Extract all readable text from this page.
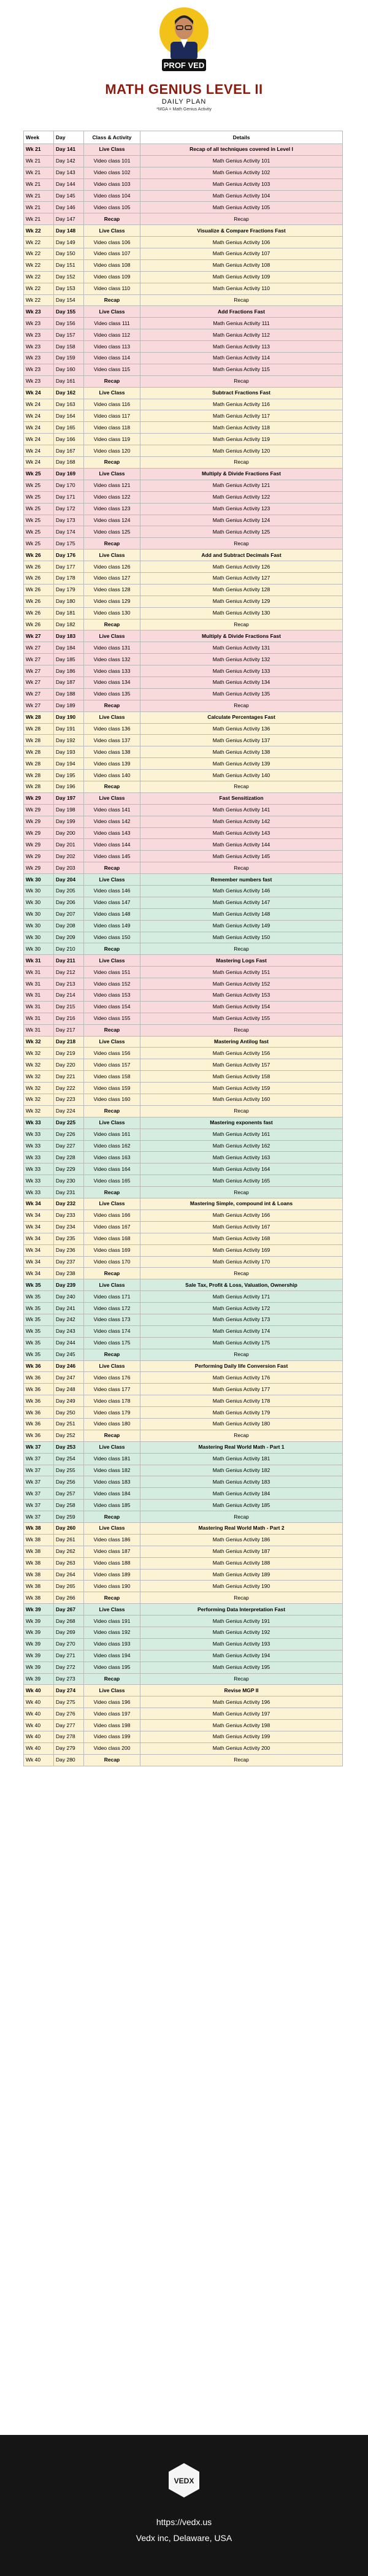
PROF VED
MATH GENIUS LEVEL II
DAILY PLAN
*MGA = Math Genius Activity
Week	Day	Class & Activity	Details
Wk 21	Day 141	Live Class	Recap of all techniques covered in Level I
Wk 21	Day 142	Video class 101	Math Genius Activity 101
Wk 21	Day 143	Video class 102	Math Genius Activity 102
Wk 21	Day 144	Video class 103	Math Genius Activity 103
Wk 21	Day 145	Video class 104	Math Genius Activity 104
Wk 21	Day 146	Video class 105	Math Genius Activity 105
Wk 21	Day 147	Recap	Recap
Wk 22	Day 148	Live Class	Visualize & Compare Fractions Fast
Wk 22	Day 149	Video class 106	Math Genius Activity 106
Wk 22	Day 150	Video class 107	Math Genius Activity 107
Wk 22	Day 151	Video class 108	Math Genius Activity 108
Wk 22	Day 152	Video class 109	Math Genius Activity 109
Wk 22	Day 153	Video class 110	Math Genius Activity 110
Wk 22	Day 154	Recap	Recap
Wk 23	Day 155	Live Class	Add Fractions Fast
Wk 23	Day 156	Video class 111	Math Genius Activity 111
Wk 23	Day 157	Video class 112	Math Genius Activity 112
Wk 23	Day 158	Video class 113	Math Genius Activity 113
Wk 23	Day 159	Video class 114	Math Genius Activity 114
Wk 23	Day 160	Video class 115	Math Genius Activity 115
Wk 23	Day 161	Recap	Recap
Wk 24	Day 162	Live Class	Subtract Fractions Fast
Wk 24	Day 163	Video class 116	Math Genius Activity 116
Wk 24	Day 164	Video class 117	Math Genius Activity 117
Wk 24	Day 165	Video class 118	Math Genius Activity 118
Wk 24	Day 166	Video class 119	Math Genius Activity 119
Wk 24	Day 167	Video class 120	Math Genius Activity 120
Wk 24	Day 168	Recap	Recap
Wk 25	Day 169	Live Class	Multiply & Divide Fractions Fast
Wk 25	Day 170	Video class 121	Math Genius Activity 121
Wk 25	Day 171	Video class 122	Math Genius Activity 122
Wk 25	Day 172	Video class 123	Math Genius Activity 123
Wk 25	Day 173	Video class 124	Math Genius Activity 124
Wk 25	Day 174	Video class 125	Math Genius Activity 125
Wk 25	Day 175	Recap	Recap
Wk 26	Day 176	Live Class	Add and Subtract Decimals Fast
Wk 26	Day 177	Video class 126	Math Genius Activity 126
Wk 26	Day 178	Video class 127	Math Genius Activity 127
Wk 26	Day 179	Video class 128	Math Genius Activity 128
Wk 26	Day 180	Video class 129	Math Genius Activity 129
Wk 26	Day 181	Video class 130	Math Genius Activity 130
Wk 26	Day 182	Recap	Recap
Wk 27	Day 183	Live Class	Multiply & Divide Fractions Fast
Wk 27	Day 184	Video class 131	Math Genius Activity 131
Wk 27	Day 185	Video class 132	Math Genius Activity 132
Wk 27	Day 186	Video class 133	Math Genius Activity 133
Wk 27	Day 187	Video class 134	Math Genius Activity 134
Wk 27	Day 188	Video class 135	Math Genius Activity 135
Wk 27	Day 189	Recap	Recap
Wk 28	Day 190	Live Class	Calculate Percentages Fast
Wk 28	Day 191	Video class 136	Math Genius Activity 136
Wk 28	Day 192	Video class 137	Math Genius Activity 137
Wk 28	Day 193	Video class 138	Math Genius Activity 138
Wk 28	Day 194	Video class 139	Math Genius Activity 139
Wk 28	Day 195	Video class 140	Math Genius Activity 140
Wk 28	Day 196	Recap	Recap
Wk 29	Day 197	Live Class	Fast Sensitization
Wk 29	Day 198	Video class 141	Math Genius Activity 141
Wk 29	Day 199	Video class 142	Math Genius Activity 142
Wk 29	Day 200	Video class 143	Math Genius Activity 143
Wk 29	Day 201	Video class 144	Math Genius Activity 144
Wk 29	Day 202	Video class 145	Math Genius Activity 145
Wk 29	Day 203	Recap	Recap
Wk 30	Day 204	Live Class	Remember numbers fast
Wk 30	Day 205	Video class 146	Math Genius Activity 146
Wk 30	Day 206	Video class 147	Math Genius Activity 147
Wk 30	Day 207	Video class 148	Math Genius Activity 148
Wk 30	Day 208	Video class 149	Math Genius Activity 149
Wk 30	Day 209	Video class 150	Math Genius Activity 150
Wk 30	Day 210	Recap	Recap
Wk 31	Day 211	Live Class	Mastering Logs Fast
Wk 31	Day 212	Video class 151	Math Genius Activity 151
Wk 31	Day 213	Video class 152	Math Genius Activity 152
Wk 31	Day 214	Video class 153	Math Genius Activity 153
Wk 31	Day 215	Video class 154	Math Genius Activity 154
Wk 31	Day 216	Video class 155	Math Genius Activity 155
Wk 31	Day 217	Recap	Recap
Wk 32	Day 218	Live Class	Mastering Antilog fast
Wk 32	Day 219	Video class 156	Math Genius Activity 156
Wk 32	Day 220	Video class 157	Math Genius Activity 157
Wk 32	Day 221	Video class 158	Math Genius Activity 158
Wk 32	Day 222	Video class 159	Math Genius Activity 159
Wk 32	Day 223	Video class 160	Math Genius Activity 160
Wk 32	Day 224	Recap	Recap
Wk 33	Day 225	Live Class	Mastering exponents fast
Wk 33	Day 226	Video class 161	Math Genius Activity 161
Wk 33	Day 227	Video class 162	Math Genius Activity 162
Wk 33	Day 228	Video class 163	Math Genius Activity 163
Wk 33	Day 229	Video class 164	Math Genius Activity 164
Wk 33	Day 230	Video class 165	Math Genius Activity 165
Wk 33	Day 231	Recap	Recap
Wk 34	Day 232	Live Class	Mastering Simple, compound int & Loans
Wk 34	Day 233	Video class 166	Math Genius Activity 166
Wk 34	Day 234	Video class 167	Math Genius Activity 167
Wk 34	Day 235	Video class 168	Math Genius Activity 168
Wk 34	Day 236	Video class 169	Math Genius Activity 169
Wk 34	Day 237	Video class 170	Math Genius Activity 170
Wk 34	Day 238	Recap	Recap
Wk 35	Day 239	Live Class	Sale Tax, Profit & Loss, Valuation, Ownership
Wk 35	Day 240	Video class 171	Math Genius Activity 171
Wk 35	Day 241	Video class 172	Math Genius Activity 172
Wk 35	Day 242	Video class 173	Math Genius Activity 173
Wk 35	Day 243	Video class 174	Math Genius Activity 174
Wk 35	Day 244	Video class 175	Math Genius Activity 175
Wk 35	Day 245	Recap	Recap
Wk 36	Day 246	Live Class	Performing Daily life Conversion Fast
Wk 36	Day 247	Video class 176	Math Genius Activity 176
Wk 36	Day 248	Video class 177	Math Genius Activity 177
Wk 36	Day 249	Video class 178	Math Genius Activity 178
Wk 36	Day 250	Video class 179	Math Genius Activity 179
Wk 36	Day 251	Video class 180	Math Genius Activity 180
Wk 36	Day 252	Recap	Recap
Wk 37	Day 253	Live Class	Mastering Real World Math - Part 1
Wk 37	Day 254	Video class 181	Math Genius Activity 181
Wk 37	Day 255	Video class 182	Math Genius Activity 182
Wk 37	Day 256	Video class 183	Math Genius Activity 183
Wk 37	Day 257	Video class 184	Math Genius Activity 184
Wk 37	Day 258	Video class 185	Math Genius Activity 185
Wk 37	Day 259	Recap	Recap
Wk 38	Day 260	Live Class	Mastering Real World Math - Part 2
Wk 38	Day 261	Video class 186	Math Genius Activity 186
Wk 38	Day 262	Video class 187	Math Genius Activity 187
Wk 38	Day 263	Video class 188	Math Genius Activity 188
Wk 38	Day 264	Video class 189	Math Genius Activity 189
Wk 38	Day 265	Video class 190	Math Genius Activity 190
Wk 38	Day 266	Recap	Recap
Wk 39	Day 267	Live Class	Performing Data Interpretation Fast
Wk 39	Day 268	Video class 191	Math Genius Activity 191
Wk 39	Day 269	Video class 192	Math Genius Activity 192
Wk 39	Day 270	Video class 193	Math Genius Activity 193
Wk 39	Day 271	Video class 194	Math Genius Activity 194
Wk 39	Day 272	Video class 195	Math Genius Activity 195
Wk 39	Day 273	Recap	Recap
Wk 40	Day 274	Live Class	Revise MGP II
Wk 40	Day 275	Video class 196	Math Genius Activity 196
Wk 40	Day 276	Video class 197	Math Genius Activity 197
Wk 40	Day 277	Video class 198	Math Genius Activity 198
Wk 40	Day 278	Video class 199	Math Genius Activity 199
Wk 40	Day 279	Video class 200	Math Genius Activity 200
Wk 40	Day 280	Recap	Recap
VEDX
https://vedx.us
Vedx inc, Delaware, USA
